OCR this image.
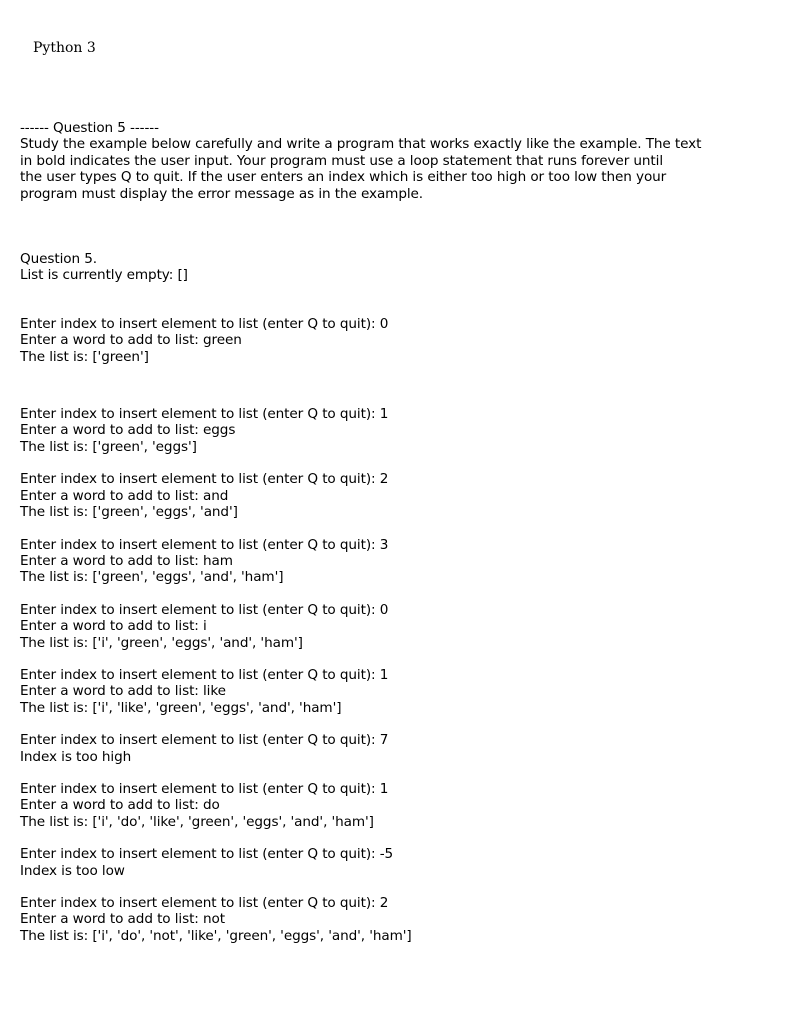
Python 3
------ Question 5 ------
Study the example below carefully and write a program that works exactly like the example. The text
in bold indicates the user input. Your program must use a loop statement that runs forever until
the user types Q to quit. If the user enters an index which is either too high or too low then your
program must display the error message as in the example.
Question 5.
List is currently empty: []
Enter index to insert element to list (enter Q to quit): 0
Enter a word to add to list: green
The list is: ['green']
Enter index to insert element to list (enter Q to quit): 1
Enter a word to add to list: eggs
The list is: ['green', 'eggs']
Enter index to insert element to list (enter Q to quit): 2
Enter a word to add to list: and
The list is: ['green', 'eggs', 'and']
Enter index to insert element to list (enter Q to quit): 3
Enter a word to add to list: ham
The list is: ['green', 'eggs', 'and', 'ham']
Enter index to insert element to list (enter Q to quit): 0
Enter a word to add to list: i
The list is: ['i', 'green', 'eggs', 'and', 'ham']
Enter index to insert element to list (enter Q to quit): 1
Enter a word to add to list: like
The list is: ['i', 'like', 'green', 'eggs', 'and', 'ham']
Enter index to insert element to list (enter Q to quit): 7
Index is too high
Enter index to insert element to list (enter Q to quit): 1
Enter a word to add to list: do
The list is: ['i', 'do', 'like', 'green', 'eggs', 'and', 'ham']
Enter index to insert element to list (enter Q to quit): -5
Index is too low
Enter index to insert element to list (enter Q to quit): 2
Enter a word to add to list: not
The list is: ['i', 'do', 'not', 'like', 'green', 'eggs', 'and', 'ham']
